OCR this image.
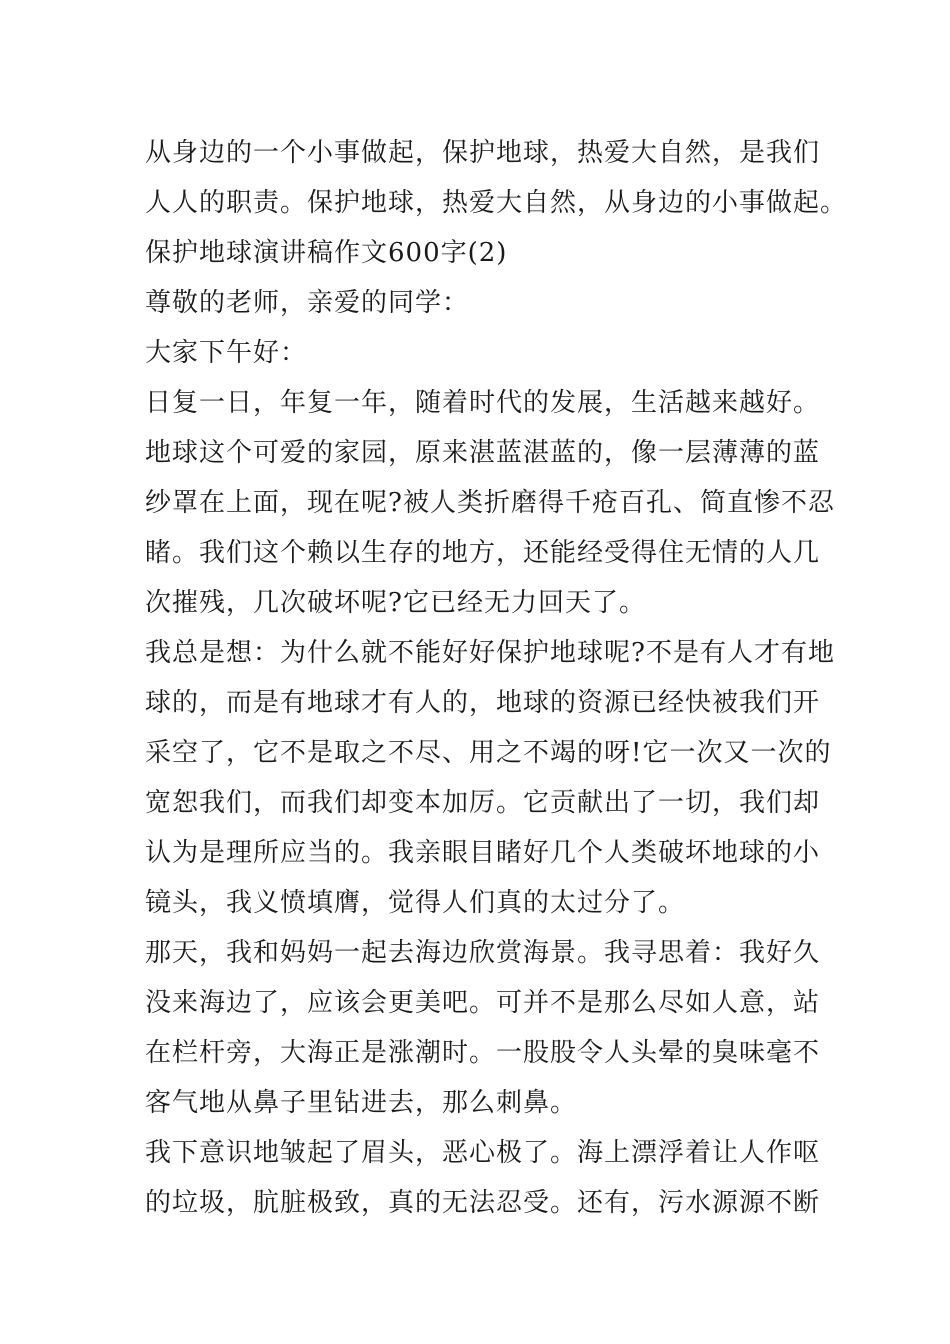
从身边的一个小事做起，保护地球，热爱大自然，是我们
人人的职责。保护地球，热爱大自然，从身边的小事做起。
保护地球演讲稿作文600字(2)
尊敬的老师，亲爱的同学：
大家下午好：
日复一日，年复一年，随着时代的发展，生活越来越好。
地球这个可爱的家园，原来湛蓝湛蓝的，像一层薄薄的蓝
纱罩在上面，现在呢?被人类折磨得千疮百孔、简直惨不忍
睹。我们这个赖以生存的地方，还能经受得住无情的人几
次摧残，几次破坏呢?它已经无力回天了。
我总是想：为什么就不能好好保护地球呢?不是有人才有地
球的，而是有地球才有人的，地球的资源已经快被我们开
采空了，它不是取之不尽、用之不竭的呀!它一次又一次的
宽恕我们，而我们却变本加厉。它贡献出了一切，我们却
认为是理所应当的。我亲眼目睹好几个人类破坏地球的小
镜头，我义愤填膺，觉得人们真的太过分了。
那天，我和妈妈一起去海边欣赏海景。我寻思着：我好久
没来海边了，应该会更美吧。可并不是那么尽如人意，站
在栏杆旁，大海正是涨潮时。一股股令人头晕的臭味毫不
客气地从鼻子里钻进去，那么刺鼻。
我下意识地皱起了眉头，恶心极了。海上漂浮着让人作呕
的垃圾，肮脏极致，真的无法忍受。还有，污水源源不断
